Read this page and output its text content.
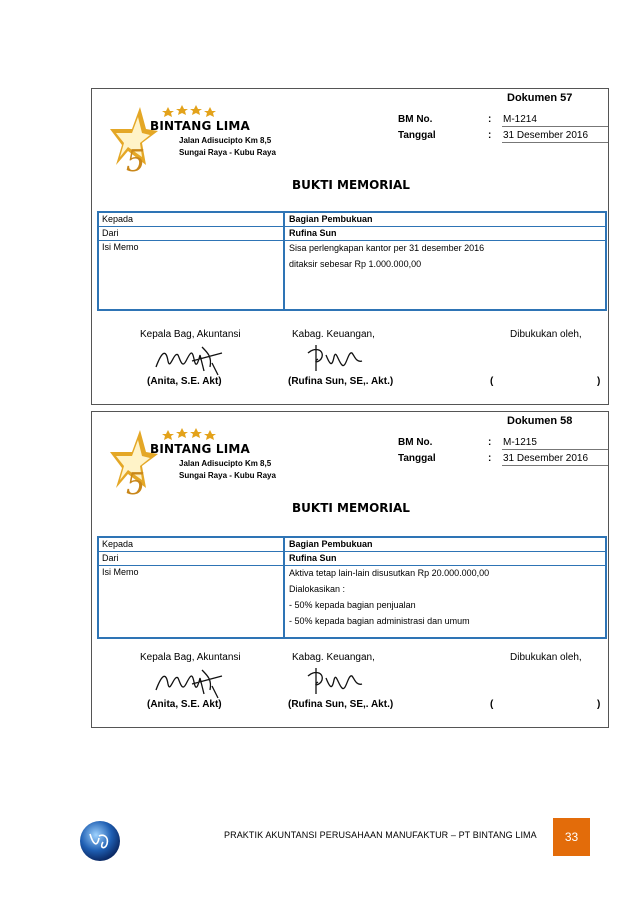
Dokumen 57
5
BINTANG LIMA
Jalan Adisucipto Km 8,5
Sungai Raya - Kubu Raya
BM No.	: M-1214
Tanggal	: 31 Desember 2016
BUKTI MEMORIAL
Kepada	Bagian Pembukuan
Dari	Rufina Sun
Isi Memo	Sisa perlengkapan kantor per 31 desember 2016
ditaksir sebesar Rp 1.000.000,00
Kepala Bag, Akuntansi	Kabag. Keuangan,	Dibukukan oleh,
(Anita, S.E. Akt)	(Rufina Sun, SE,. Akt.)	(	)
Dokumen 58
5
BINTANG LIMA
Jalan Adisucipto Km 8,5
Sungai Raya - Kubu Raya
BM No.	: M-1215
Tanggal	: 31 Desember 2016
BUKTI MEMORIAL
Kepada	Bagian Pembukuan
Dari	Rufina Sun
Isi Memo	Aktiva tetap lain-lain disusutkan Rp 20.000.000,00
Dialokasikan :
- 50% kepada bagian penjualan
- 50% kepada bagian administrasi dan umum
Kepala Bag, Akuntansi	Kabag. Keuangan,	Dibukukan oleh,
(Anita, S.E. Akt)	(Rufina Sun, SE,. Akt.)	(	)
PRAKTIK AKUNTANSI PERUSAHAAN MANUFAKTUR – PT BINTANG LIMA	33
